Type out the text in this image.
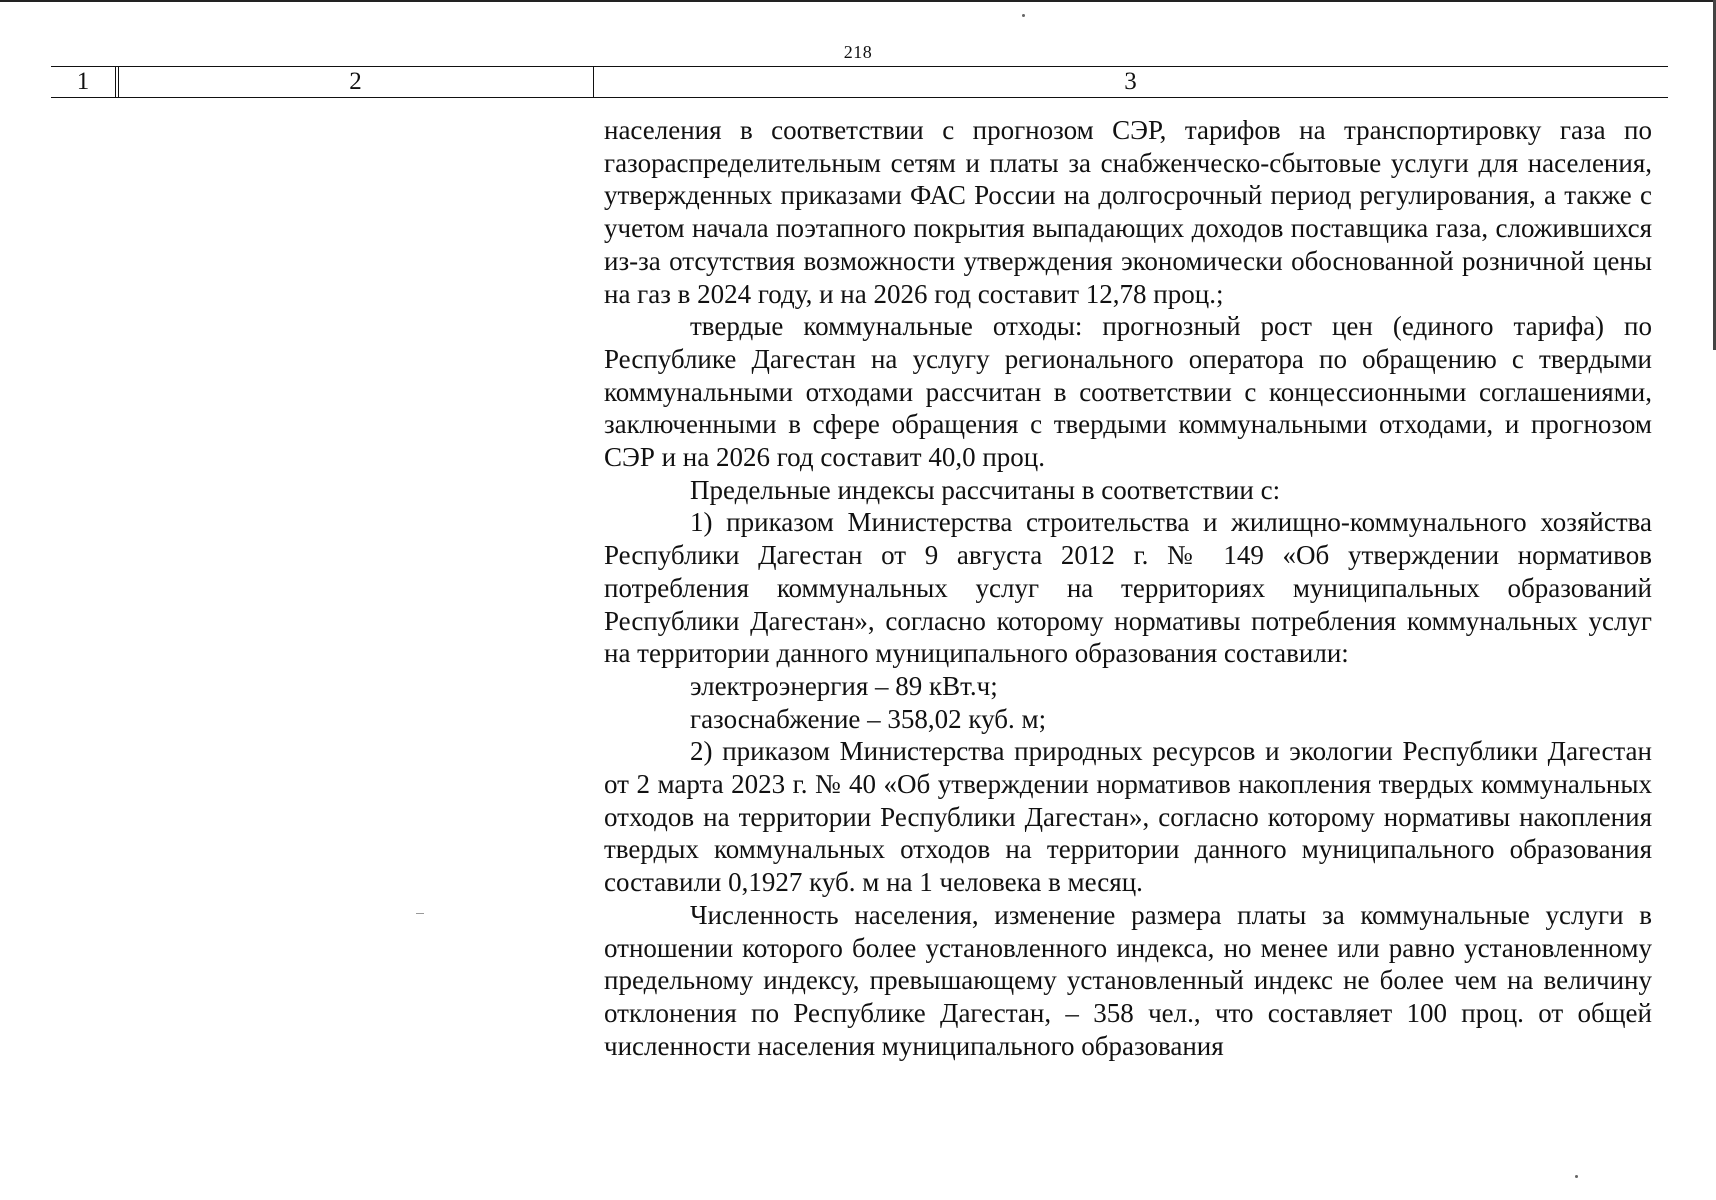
218
1	2	3

населения в соответствии с прогнозом СЭР, тарифов на транспортировку газа по газораспределительным сетям и платы за снабженческо-сбытовые услуги для населения, утвержденных приказами ФАС России на долгосрочный период регулирования, а также с учетом начала поэтапного покрытия выпадающих доходов поставщика газа, сложившихся из-за отсутствия возможности утверждения экономически обоснованной розничной цены на газ в 2024 году, и на 2026 год составит 12,78 проц.;

твердые коммунальные отходы: прогнозный рост цен (единого тарифа) по Республике Дагестан на услугу регионального оператора по обращению с твердыми коммунальными отходами рассчитан в соответствии с концессионными соглашениями, заключенными в сфере обращения с твердыми коммунальными отходами, и прогнозом СЭР и на 2026 год составит 40,0 проц.

Предельные индексы рассчитаны в соответствии с:

1) приказом Министерства строительства и жилищно-коммунального хозяйства Республики Дагестан от 9 августа 2012 г. № 149 «Об утверждении нормативов потребления коммунальных услуг на территориях муниципальных образований Республики Дагестан», согласно которому нормативы потребления коммунальных услуг на территории данного муниципального образования составили:

электроэнергия – 89 кВт.ч;

газоснабжение – 358,02 куб. м;

2) приказом Министерства природных ресурсов и экологии Республики Дагестан от 2 марта 2023 г. № 40 «Об утверждении нормативов накопления твердых коммунальных отходов на территории Республики Дагестан», согласно которому нормативы накопления твердых коммунальных отходов на территории данного муниципального образования составили 0,1927 куб. м на 1 человека в месяц.

Численность населения, изменение размера платы за коммунальные услуги в отношении которого более установленного индекса, но менее или равно установленному предельному индексу, превышающему установленный индекс не более чем на величину отклонения по Республике Дагестан, – 358 чел., что составляет 100 проц. от общей численности населения муниципального образования
